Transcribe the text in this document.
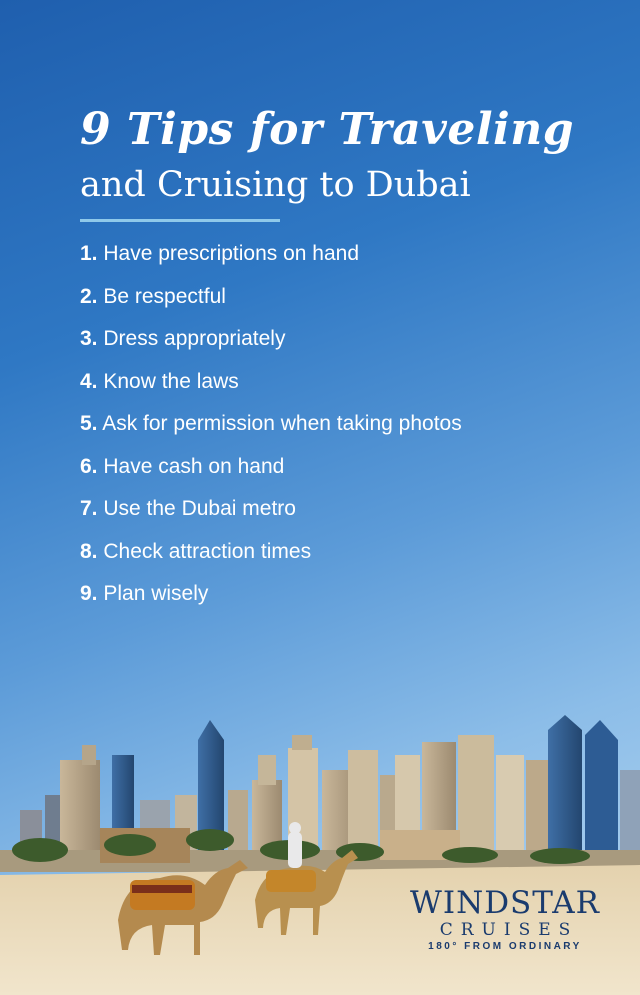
9 Tips for Traveling
and Cruising to Dubai
1. Have prescriptions on hand
2. Be respectful
3. Dress appropriately
4. Know the laws
5. Ask for permission when taking photos
6. Have cash on hand
7. Use the Dubai metro
8. Check attraction times
9. Plan wisely
WINDSTAR
CRUISES
180° FROM ORDINARY
